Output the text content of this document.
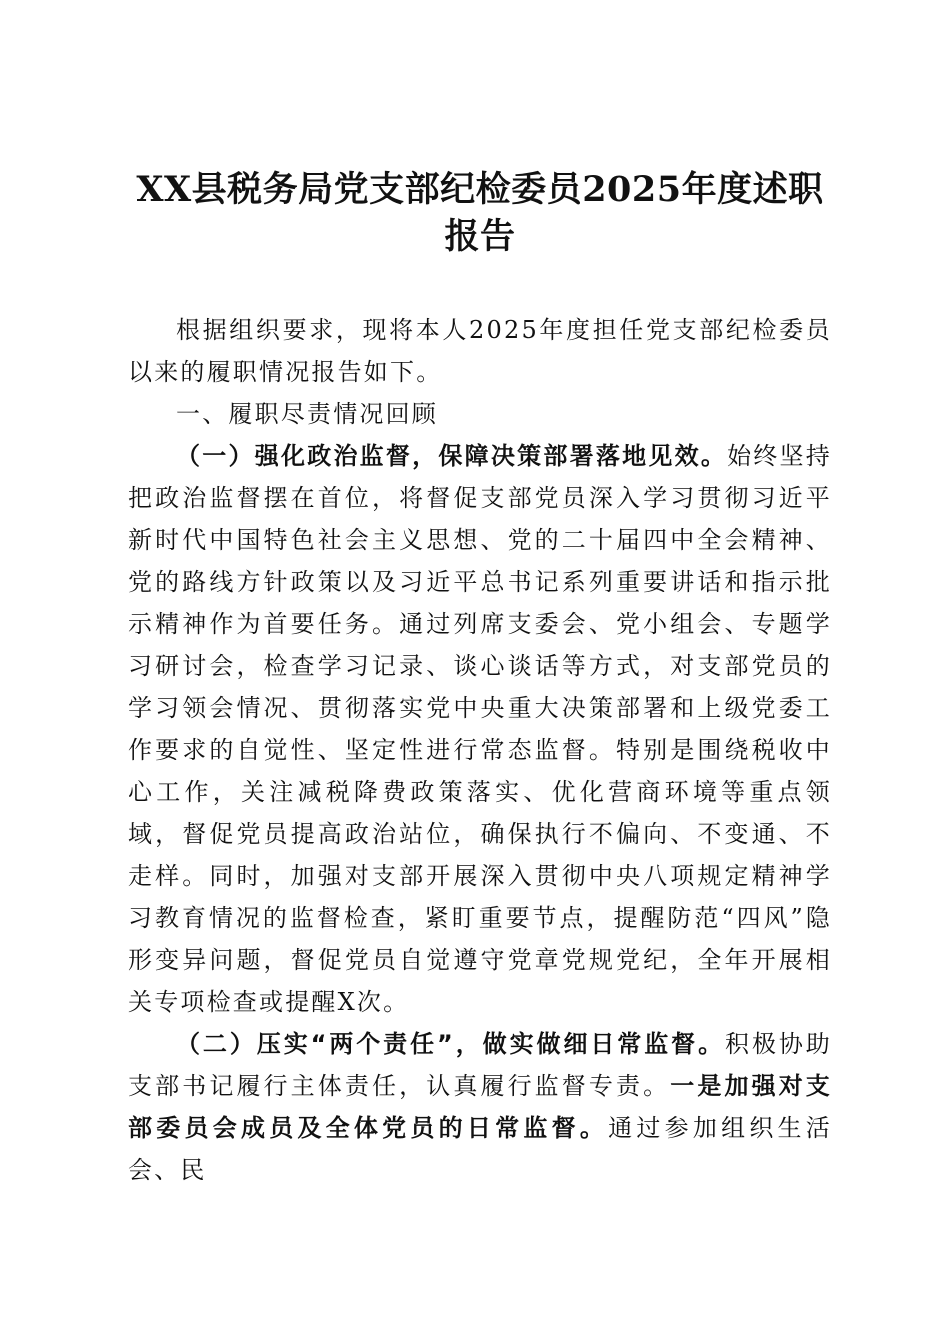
XX县税务局党支部纪检委员2025年度述职报告

根据组织要求，现将本人2025年度担任党支部纪检委员以来的履职情况报告如下。

一、履职尽责情况回顾

（一）强化政治监督，保障决策部署落地见效。始终坚持把政治监督摆在首位，将督促支部党员深入学习贯彻习近平新时代中国特色社会主义思想、党的二十届四中全会精神、党的路线方针政策以及习近平总书记系列重要讲话和指示批示精神作为首要任务。通过列席支委会、党小组会、专题学习研讨会，检查学习记录、谈心谈话等方式，对支部党员的学习领会情况、贯彻落实党中央重大决策部署和上级党委工作要求的自觉性、坚定性进行常态监督。特别是围绕税收中心工作，关注减税降费政策落实、优化营商环境等重点领域，督促党员提高政治站位，确保执行不偏向、不变通、不走样。同时，加强对支部开展深入贯彻中央八项规定精神学习教育情况的监督检查，紧盯重要节点，提醒防范“四风”隐形变异问题，督促党员自觉遵守党章党规党纪，全年开展相关专项检查或提醒X次。

（二）压实“两个责任”，做实做细日常监督。积极协助支部书记履行主体责任，认真履行监督专责。一是加强对支部委员会成员及全体党员的日常监督。通过参加组织生活会、民
